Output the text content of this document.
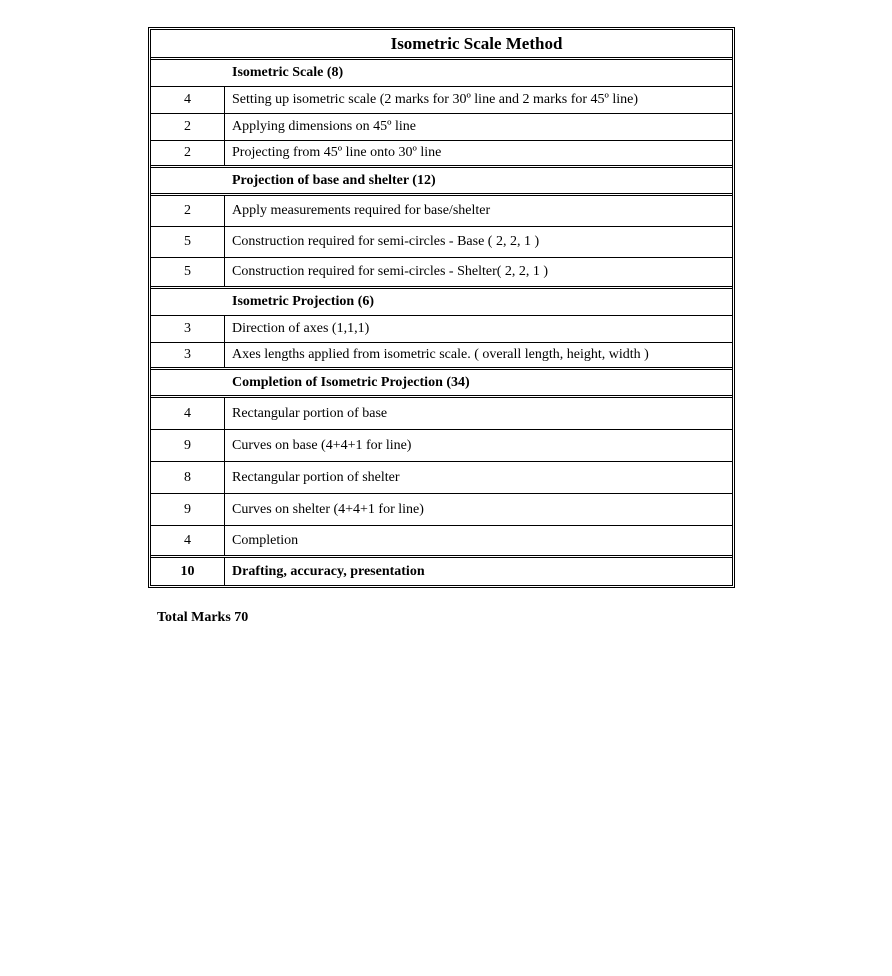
Isometric Scale Method
Isometric Scale (8)
4	Setting up isometric scale (2 marks for 30º line and 2 marks for 45º line)
2	Applying dimensions on 45º line
2	Projecting from 45º line onto 30º line
Projection of base and shelter (12)
2	Apply measurements required for base/shelter
5	Construction required for semi-circles - Base ( 2, 2, 1 )
5	Construction required for semi-circles - Shelter( 2, 2, 1 )
Isometric Projection (6)
3	Direction of axes (1,1,1)
3	Axes lengths applied from isometric scale. ( overall length, height, width )
Completion of Isometric Projection (34)
4	Rectangular portion of base
9	Curves on base (4+4+1 for line)
8	Rectangular portion of shelter
9	Curves on shelter (4+4+1 for line)
4	Completion
10	Drafting, accuracy, presentation
Total Marks 70
